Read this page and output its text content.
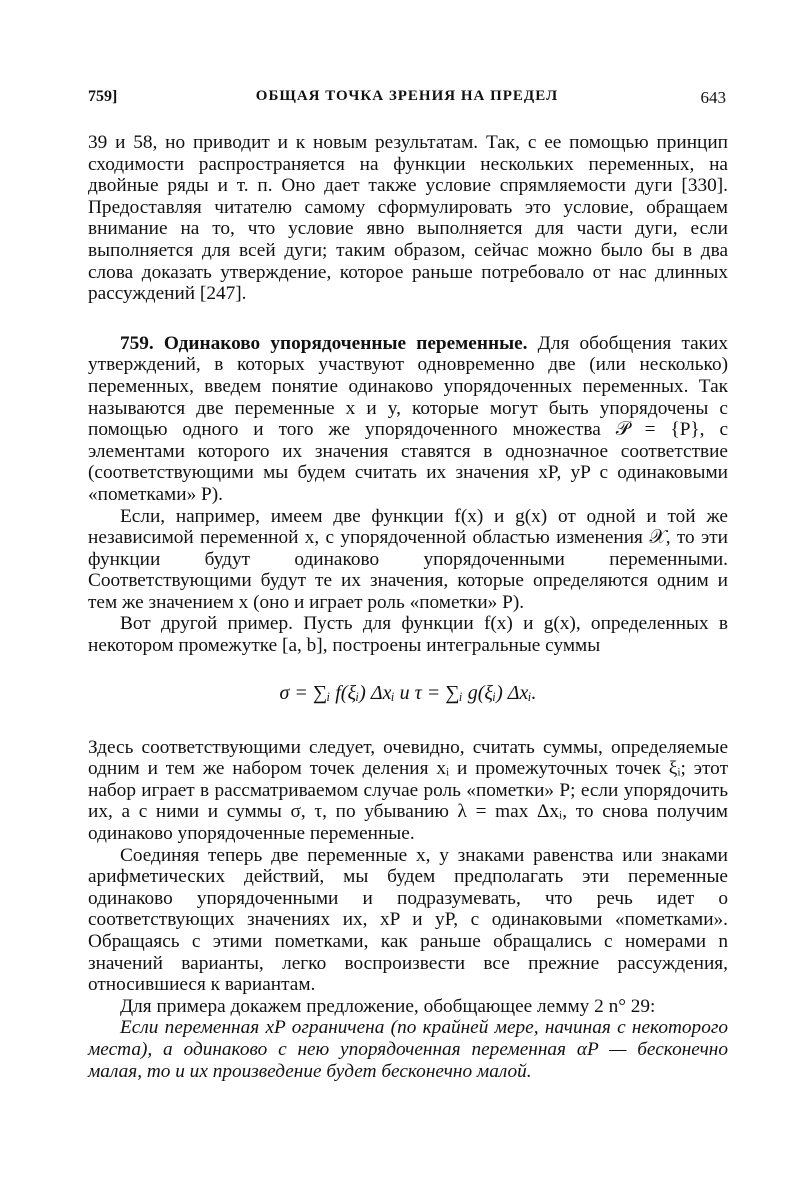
759]	ОБЩАЯ ТОЧКА ЗРЕНИЯ НА ПРЕДЕЛ	643

39 и 58, но приводит и к новым результатам. Так, с ее помощью принцип сходимости распространяется на функции нескольких переменных, на двойные ряды и т. п. Оно дает также условие спрямляемости дуги [330]. Предоставляя читателю самому сформулировать это условие, обращаем внимание на то, что условие явно выполняется для части дуги, если выполняется для всей дуги; таким образом, сейчас можно было бы в два слова доказать утверждение, которое раньше потребовало от нас длинных рассуждений [247].

759. Одинаково упорядоченные переменные. Для обобщения таких утверждений, в которых участвуют одновременно две (или несколько) переменных, введем понятие одинаково упорядоченных переменных. Так называются две переменные x и y, которые могут быть упорядочены с помощью одного и того же упорядоченного множества 𝒫 = {P}, с элементами которого их значения ставятся в однозначное соответствие (соответствующими мы будем считать их значения xP, yP с одинаковыми «пометками» P).

Если, например, имеем две функции f(x) и g(x) от одной и той же независимой переменной x, с упорядоченной областью изменения 𝒳, то эти функции будут одинаково упорядоченными переменными. Соответствующими будут те их значения, которые определяются одним и тем же значением x (оно и играет роль «пометки» P).

Вот другой пример. Пусть для функции f(x) и g(x), определенных в некотором промежутке [a, b], построены интегральные суммы

σ = ∑ᵢ f(ξᵢ) Δxᵢ и τ = ∑ᵢ g(ξᵢ) Δxᵢ.

Здесь соответствующими следует, очевидно, считать суммы, определяемые одним и тем же набором точек деления xᵢ и промежуточных точек ξᵢ; этот набор играет в рассматриваемом случае роль «пометки» P; если упорядочить их, а с ними и суммы σ, τ, по убыванию λ = max Δxᵢ, то снова получим одинаково упорядоченные переменные.

Соединяя теперь две переменные x, y знаками равенства или знаками арифметических действий, мы будем предполагать эти переменные одинаково упорядоченными и подразумевать, что речь идет о соответствующих значениях их, xP и yP, с одинаковыми «пометками». Обращаясь с этими пометками, как раньше обращались с номерами n значений варианты, легко воспроизвести все прежние рассуждения, относившиеся к вариантам.

Для примера докажем предложение, обобщающее лемму 2 n° 29:

Если переменная xP ограничена (по крайней мере, начиная с некоторого места), а одинаково с нею упорядоченная переменная αP — бесконечно малая, то и их произведение будет бесконечно малой.
